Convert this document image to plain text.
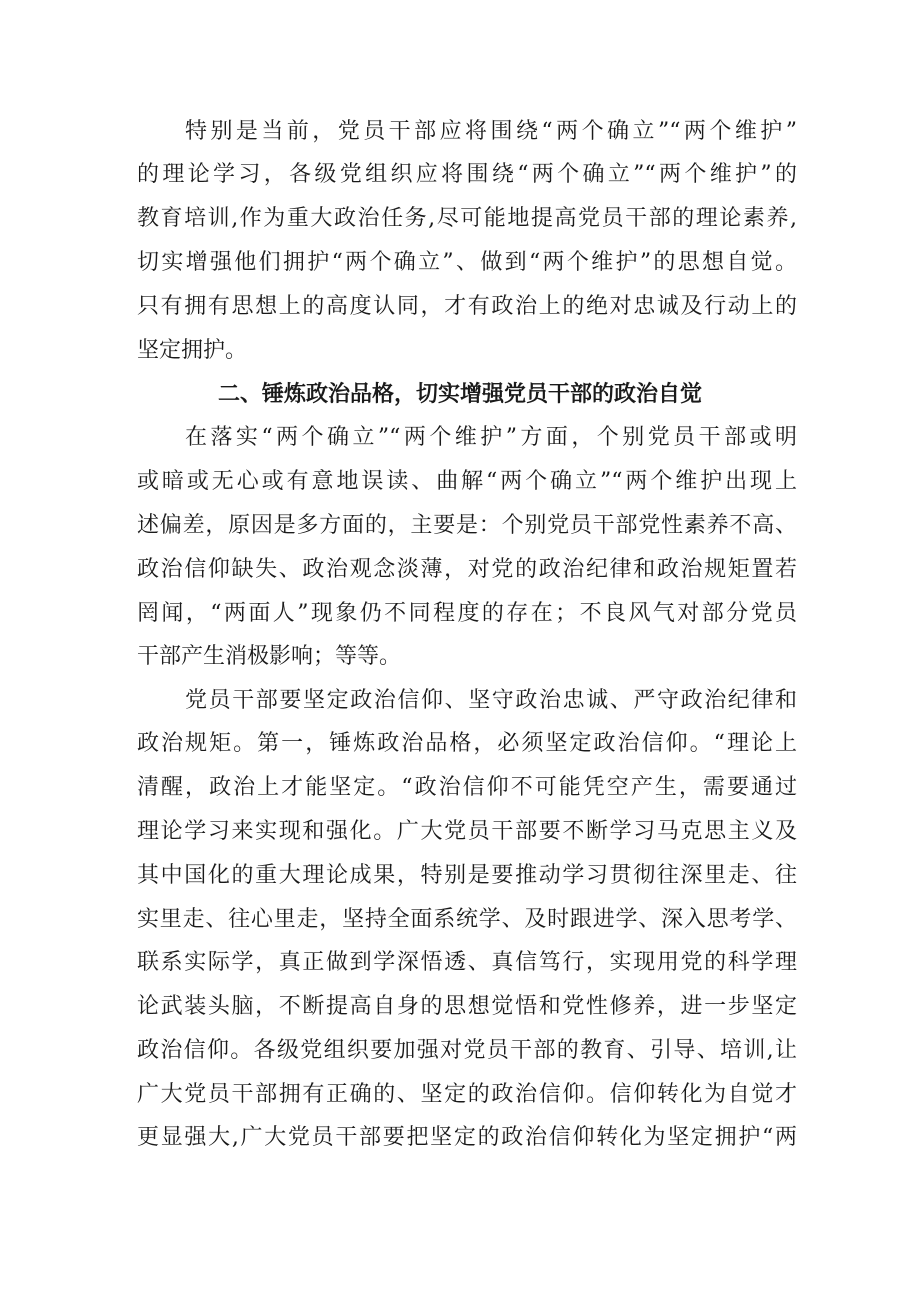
特别是当前，党员干部应将围绕“两个确立”“两个维护”
的理论学习，各级党组织应将围绕“两个确立”“两个维护”的
教育培训,作为重大政治任务,尽可能地提高党员干部的理论素养,
切实增强他们拥护“两个确立”、做到“两个维护”的思想自觉。
只有拥有思想上的高度认同，才有政治上的绝对忠诚及行动上的
坚定拥护。
二、锤炼政治品格，切实增强党员干部的政治自觉
在落实“两个确立”“两个维护”方面，个别党员干部或明
或暗或无心或有意地误读、曲解“两个确立”“两个维护出现上
述偏差，原因是多方面的，主要是：个别党员干部党性素养不高、
政治信仰缺失、政治观念淡薄，对党的政治纪律和政治规矩置若
罔闻，“两面人”现象仍不同程度的存在；不良风气对部分党员
干部产生消极影响；等等。
党员干部要坚定政治信仰、坚守政治忠诚、严守政治纪律和
政治规矩。第一，锤炼政治品格，必须坚定政治信仰。“理论上
清醒，政治上才能坚定。“政治信仰不可能凭空产生，需要通过
理论学习来实现和强化。广大党员干部要不断学习马克思主义及
其中国化的重大理论成果，特别是要推动学习贯彻往深里走、往
实里走、往心里走，坚持全面系统学、及时跟进学、深入思考学、
联系实际学，真正做到学深悟透、真信笃行，实现用党的科学理
论武装头脑，不断提高自身的思想觉悟和党性修养，进一步坚定
政治信仰。各级党组织要加强对党员干部的教育、引导、培训,让
广大党员干部拥有正确的、坚定的政治信仰。信仰转化为自觉才
更显强大,广大党员干部要把坚定的政治信仰转化为坚定拥护“两
